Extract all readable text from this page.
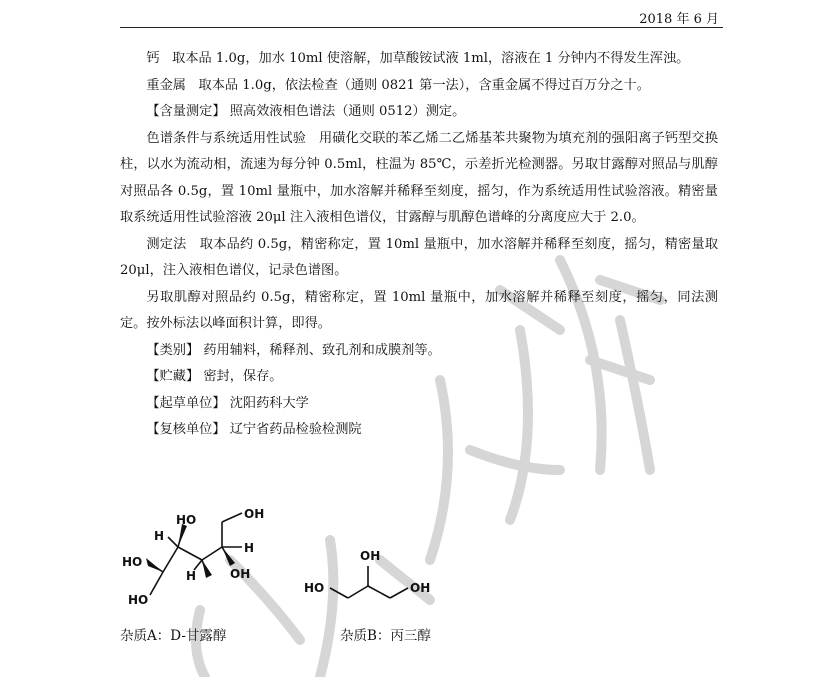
2018 年 6 月

钙 取本品 1.0g，加水 10ml 使溶解，加草酸铵试液 1ml，溶液在 1 分钟内不得发生浑浊。

重金属 取本品 1.0g，依法检查（通则 0821 第一法），含重金属不得过百万分之十。

【含量测定】 照高效液相色谱法（通则 0512）测定。

色谱条件与系统适用性试验 用磺化交联的苯乙烯二乙烯基苯共聚物为填充剂的强阳离子钙型交换柱，以水为流动相，流速为每分钟 0.5ml，柱温为 85℃，示差折光检测器。另取甘露醇对照品与肌醇对照品各 0.5g，置 10ml 量瓶中，加水溶解并稀释至刻度，摇匀，作为系统适用性试验溶液。精密量取系统适用性试验溶液 20μl 注入液相色谱仪，甘露醇与肌醇色谱峰的分离度应大于 2.0。

测定法 取本品约 0.5g，精密称定，置 10ml 量瓶中，加水溶解并稀释至刻度，摇匀，精密量取 20μl，注入液相色谱仪，记录色谱图。

另取肌醇对照品约 0.5g，精密称定，置 10ml 量瓶中，加水溶解并稀释至刻度，摇匀，同法测定。按外标法以峰面积计算，即得。

【类别】 药用辅料，稀释剂、致孔剂和成膜剂等。

【贮藏】 密封，保存。

【起草单位】 沈阳药科大学

【复核单位】 辽宁省药品检验检测院

OH
H
HO
HO
H	OH
H
HO
杂质A：D-甘露醇
OH
HO	OH
杂质B：丙三醇
